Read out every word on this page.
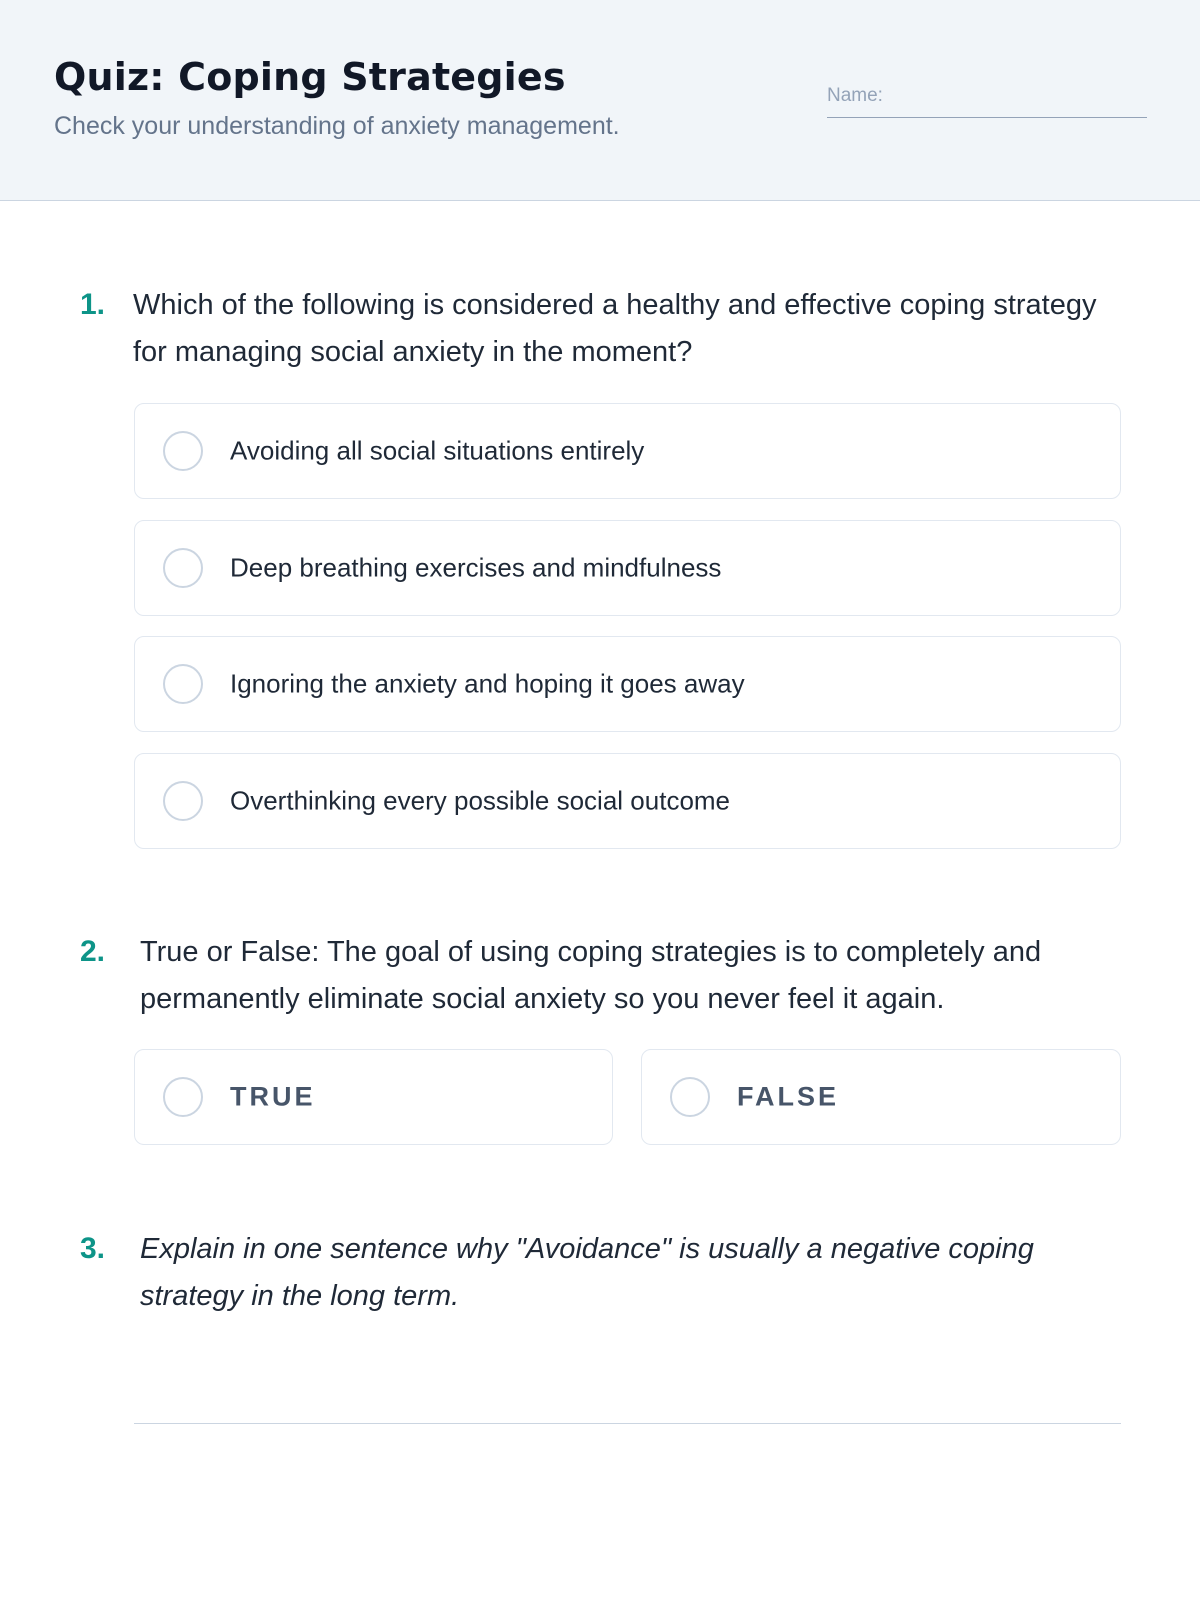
Quiz: Coping Strategies
Check your understanding of anxiety management.
Name:
1. Which of the following is considered a healthy and effective coping strategy for managing social anxiety in the moment?
Avoiding all social situations entirely
Deep breathing exercises and mindfulness
Ignoring the anxiety and hoping it goes away
Overthinking every possible social outcome
2. True or False: The goal of using coping strategies is to completely and permanently eliminate social anxiety so you never feel it again.
TRUE	FALSE
3. Explain in one sentence why "Avoidance" is usually a negative coping strategy in the long term.
